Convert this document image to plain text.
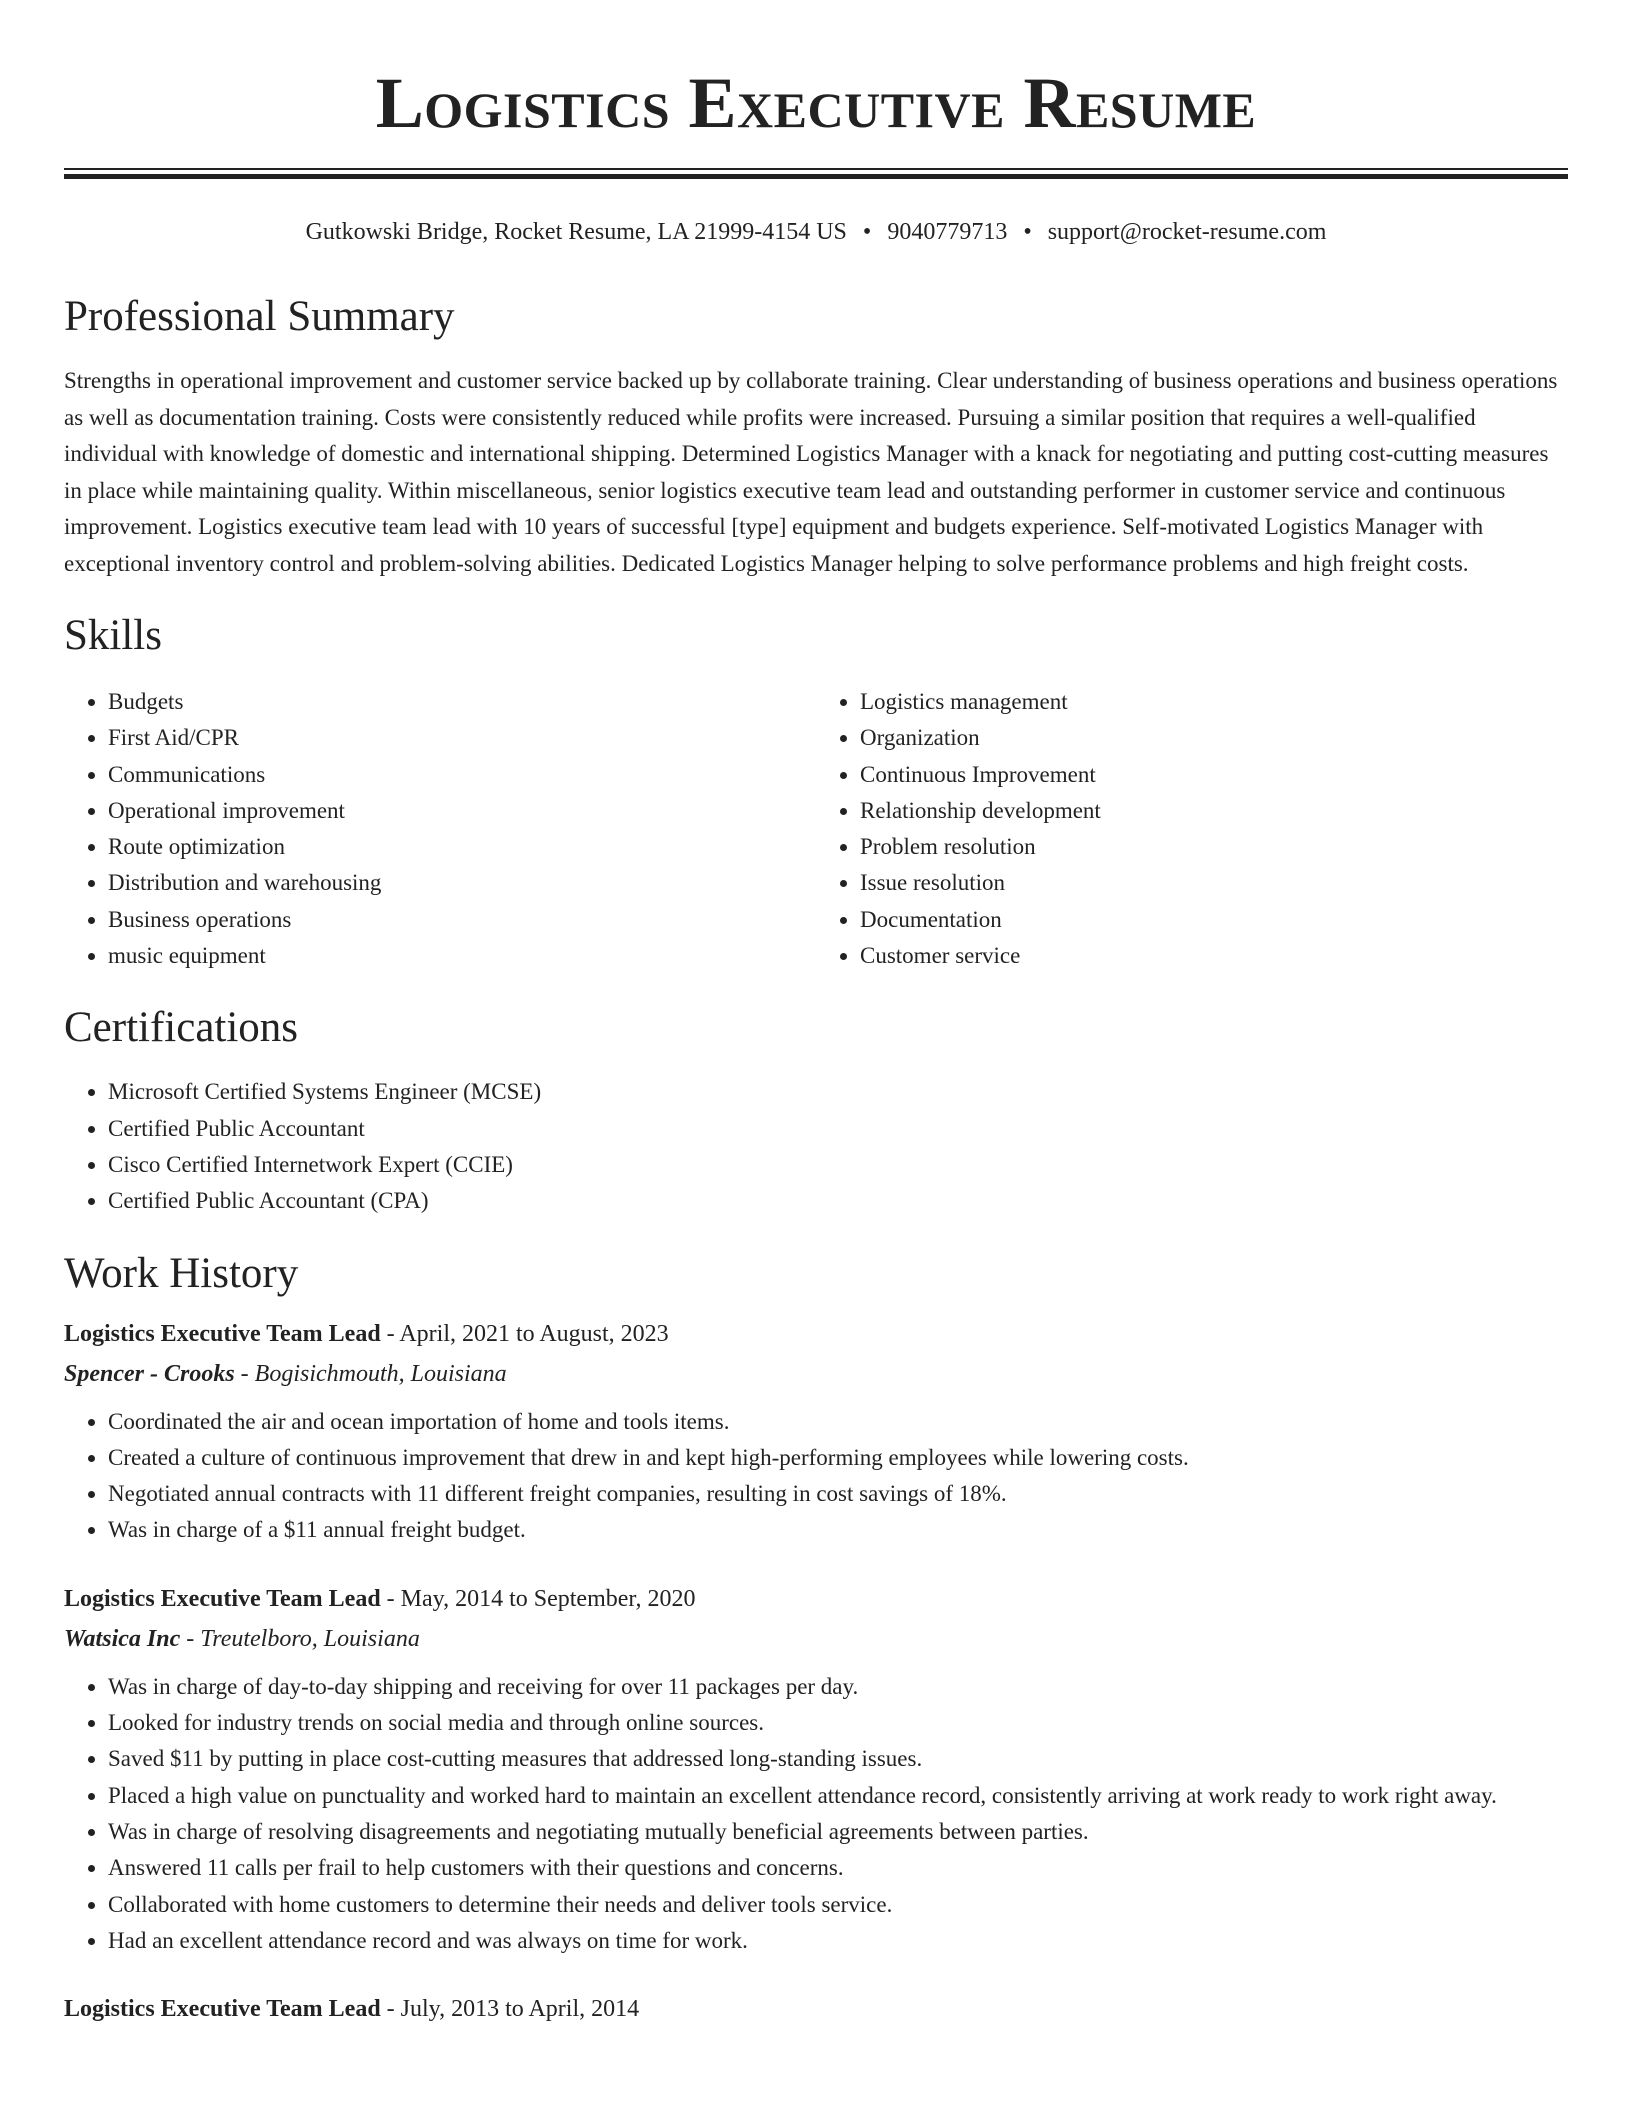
Logistics Executive Resume
Gutkowski Bridge, Rocket Resume, LA 21999-4154 US • 9040779713 • support@rocket-resume.com
Professional Summary
Strengths in operational improvement and customer service backed up by collaborate training. Clear understanding of business operations and business operations as well as documentation training. Costs were consistently reduced while profits were increased. Pursuing a similar position that requires a well-qualified individual with knowledge of domestic and international shipping. Determined Logistics Manager with a knack for negotiating and putting cost-cutting measures in place while maintaining quality. Within miscellaneous, senior logistics executive team lead and outstanding performer in customer service and continuous improvement. Logistics executive team lead with 10 years of successful [type] equipment and budgets experience. Self-motivated Logistics Manager with exceptional inventory control and problem-solving abilities. Dedicated Logistics Manager helping to solve performance problems and high freight costs.
Skills
• Budgets
• First Aid/CPR
• Communications
• Operational improvement
• Route optimization
• Distribution and warehousing
• Business operations
• music equipment
• Logistics management
• Organization
• Continuous Improvement
• Relationship development
• Problem resolution
• Issue resolution
• Documentation
• Customer service
Certifications
• Microsoft Certified Systems Engineer (MCSE)
• Certified Public Accountant
• Cisco Certified Internetwork Expert (CCIE)
• Certified Public Accountant (CPA)
Work History
Logistics Executive Team Lead - April, 2021 to August, 2023
Spencer - Crooks - Bogisichmouth, Louisiana
• Coordinated the air and ocean importation of home and tools items.
• Created a culture of continuous improvement that drew in and kept high-performing employees while lowering costs.
• Negotiated annual contracts with 11 different freight companies, resulting in cost savings of 18%.
• Was in charge of a $11 annual freight budget.
Logistics Executive Team Lead - May, 2014 to September, 2020
Watsica Inc - Treutelboro, Louisiana
• Was in charge of day-to-day shipping and receiving for over 11 packages per day.
• Looked for industry trends on social media and through online sources.
• Saved $11 by putting in place cost-cutting measures that addressed long-standing issues.
• Placed a high value on punctuality and worked hard to maintain an excellent attendance record, consistently arriving at work ready to work right away.
• Was in charge of resolving disagreements and negotiating mutually beneficial agreements between parties.
• Answered 11 calls per frail to help customers with their questions and concerns.
• Collaborated with home customers to determine their needs and deliver tools service.
• Had an excellent attendance record and was always on time for work.
Logistics Executive Team Lead - July, 2013 to April, 2014
